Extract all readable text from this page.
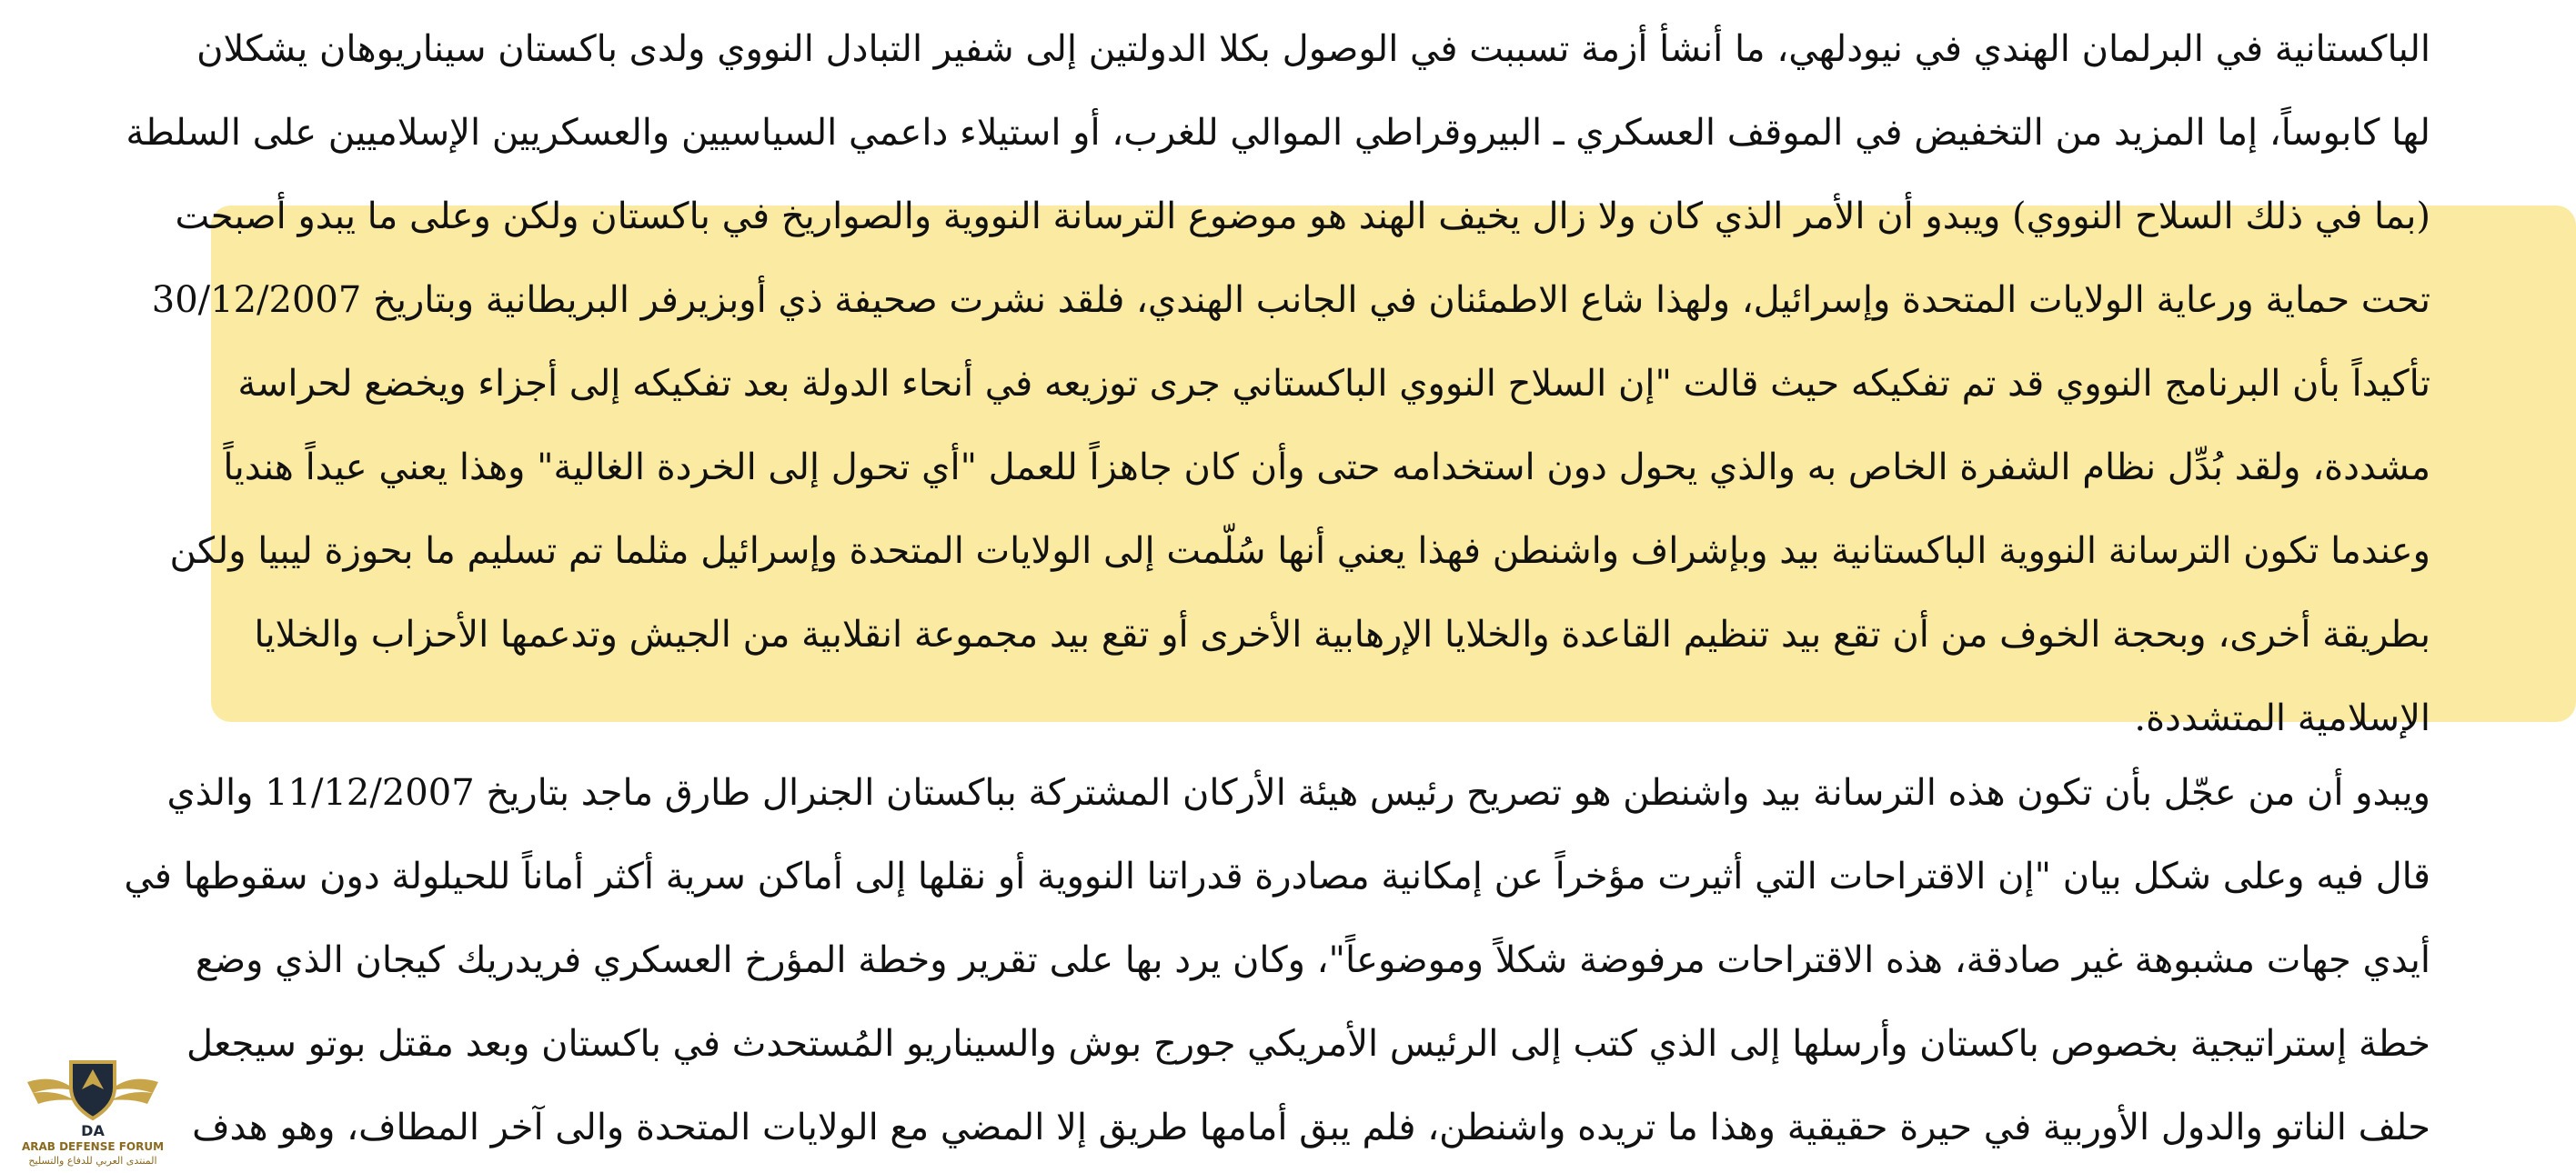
الباكستانية في البرلمان الهندي في نيودلهي، ما أنشأ أزمة تسببت في الوصول بكلا الدولتين إلى شفير التبادل النووي ولدى باكستان سيناريوهان يشكلان
لها كابوساً، إما المزيد من التخفيض في الموقف العسكري ـ البيروقراطي الموالي للغرب، أو استيلاء داعمي السياسيين والعسكريين الإسلاميين على السلطة
(بما في ذلك السلاح النووي) ويبدو أن الأمر الذي كان ولا زال يخيف الهند هو موضوع الترسانة النووية والصواريخ في باكستان ولكن وعلى ما يبدو أصبحت
تحت حماية ورعاية الولايات المتحدة وإسرائيل، ولهذا شاع الاطمئنان في الجانب الهندي، فلقد نشرت صحيفة ذي أوبزيرفر البريطانية وبتاريخ 30/12/2007
تأكيداً بأن البرنامج النووي قد تم تفكيكه حيث قالت "إن السلاح النووي الباكستاني جرى توزيعه في أنحاء الدولة بعد تفكيكه إلى أجزاء ويخضع لحراسة
مشددة، ولقد بُدِّل نظام الشفرة الخاص به والذي يحول دون استخدامه حتى وأن كان جاهزاً للعمل "أي تحول إلى الخردة الغالية" وهذا يعني عيداً هندياً
وعندما تكون الترسانة النووية الباكستانية بيد وبإشراف واشنطن فهذا يعني أنها سُلّمت إلى الولايات المتحدة وإسرائيل مثلما تم تسليم ما بحوزة ليبيا ولكن
بطريقة أخرى، وبحجة الخوف من أن تقع بيد تنظيم القاعدة والخلايا الإرهابية الأخرى أو تقع بيد مجموعة انقلابية من الجيش وتدعمها الأحزاب والخلايا
الإسلامية المتشددة.
ويبدو أن من عجّل بأن تكون هذه الترسانة بيد واشنطن هو تصريح رئيس هيئة الأركان المشتركة بباكستان الجنرال طارق ماجد بتاريخ 11/12/2007 والذي
قال فيه وعلى شكل بيان "إن الاقتراحات التي أثيرت مؤخراً عن إمكانية مصادرة قدراتنا النووية أو نقلها إلى أماكن سرية أكثر أماناً للحيلولة دون سقوطها في
أيدي جهات مشبوهة غير صادقة، هذه الاقتراحات مرفوضة شكلاً وموضوعاً"، وكان يرد بها على تقرير وخطة المؤرخ العسكري فريدريك كيجان الذي وضع
خطة إستراتيجية بخصوص باكستان وأرسلها إلى الذي كتب إلى الرئيس الأمريكي جورج بوش والسيناريو المُستحدث في باكستان وبعد مقتل بوتو سيجعل
حلف الناتو والدول الأوربية في حيرة حقيقية وهذا ما تريده واشنطن، فلم يبق أمامها طريق إلا المضي مع الولايات المتحدة والى آخر المطاف، وهو هدف
DA
ARAB DEFENSE FORUM
المنتدى العربي للدفاع والتسليح
